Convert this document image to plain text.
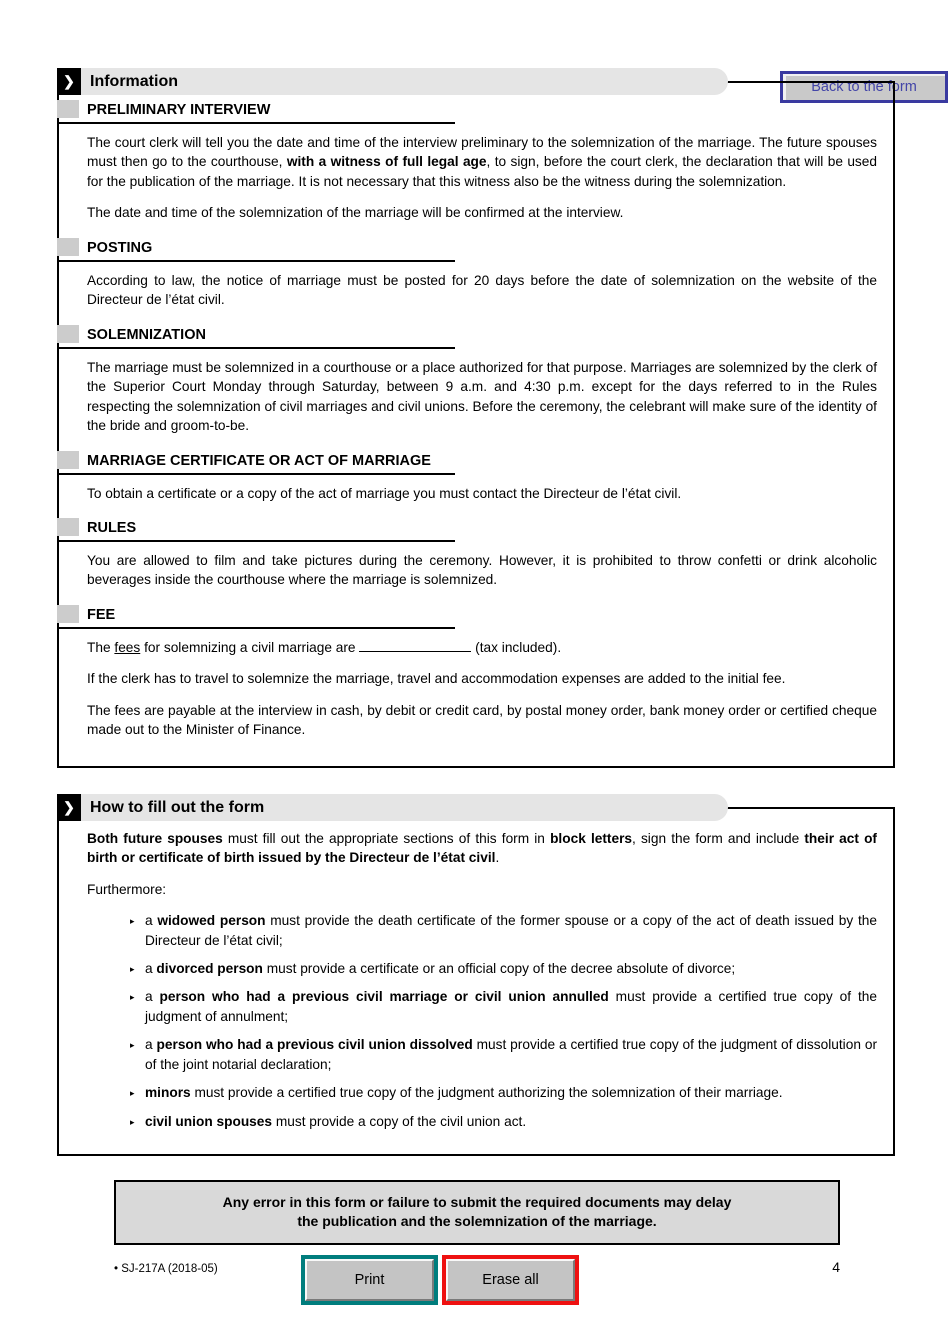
Back to the form
❯ Information
PRELIMINARY INTERVIEW

The court clerk will tell you the date and time of the interview preliminary to the solemnization of the marriage. The future spouses must then go to the courthouse, with a witness of full legal age, to sign, before the court clerk, the declaration that will be used for the publication of the marriage. It is not necessary that this witness also be the witness during the solemnization.

The date and time of the solemnization of the marriage will be confirmed at the interview.

POSTING

According to law, the notice of marriage must be posted for 20 days before the date of solemnization on the website of the Directeur de l’état civil.

SOLEMNIZATION

The marriage must be solemnized in a courthouse or a place authorized for that purpose. Marriages are solemnized by the clerk of the Superior Court Monday through Saturday, between 9 a.m. and 4:30 p.m. except for the days referred to in the Rules respecting the solemnization of civil marriages and civil unions. Before the ceremony, the celebrant will make sure of the identity of the bride and groom-to-be.

MARRIAGE CERTIFICATE OR ACT OF MARRIAGE

To obtain a certificate or a copy of the act of marriage you must contact the Directeur de l’état civil.

RULES

You are allowed to film and take pictures during the ceremony. However, it is prohibited to throw confetti or drink alcoholic beverages inside the courthouse where the marriage is solemnized.

FEE

The fees for solemnizing a civil marriage are	(tax included).

If the clerk has to travel to solemnize the marriage, travel and accommodation expenses are added to the initial fee.

The fees are payable at the interview in cash, by debit or credit card, by postal money order, bank money order or certified cheque made out to the Minister of Finance.

❯ How to fill out the form

Both future spouses must fill out the appropriate sections of this form in block letters, sign the form and include their act of birth or certificate of birth issued by the Directeur de l’état civil.

Furthermore:

▸ a widowed person must provide the death certificate of the former spouse or a copy of the act of death issued by the Directeur de l’état civil;
▸ a divorced person must provide a certificate or an official copy of the decree absolute of divorce;
▸ a person who had a previous civil marriage or civil union annulled must provide a certified true copy of the judgment of annulment;
▸ a person who had a previous civil union dissolved must provide a certified true copy of the judgment of dissolution or of the joint notarial declaration;
▸ minors must provide a certified true copy of the judgment authorizing the solemnization of their marriage.
▸ civil union spouses must provide a copy of the civil union act.
Any error in this form or failure to submit the required documents may delay
the publication and the solemnization of the marriage.
• SJ-217A (2018-05)
Print	Erase all
4
